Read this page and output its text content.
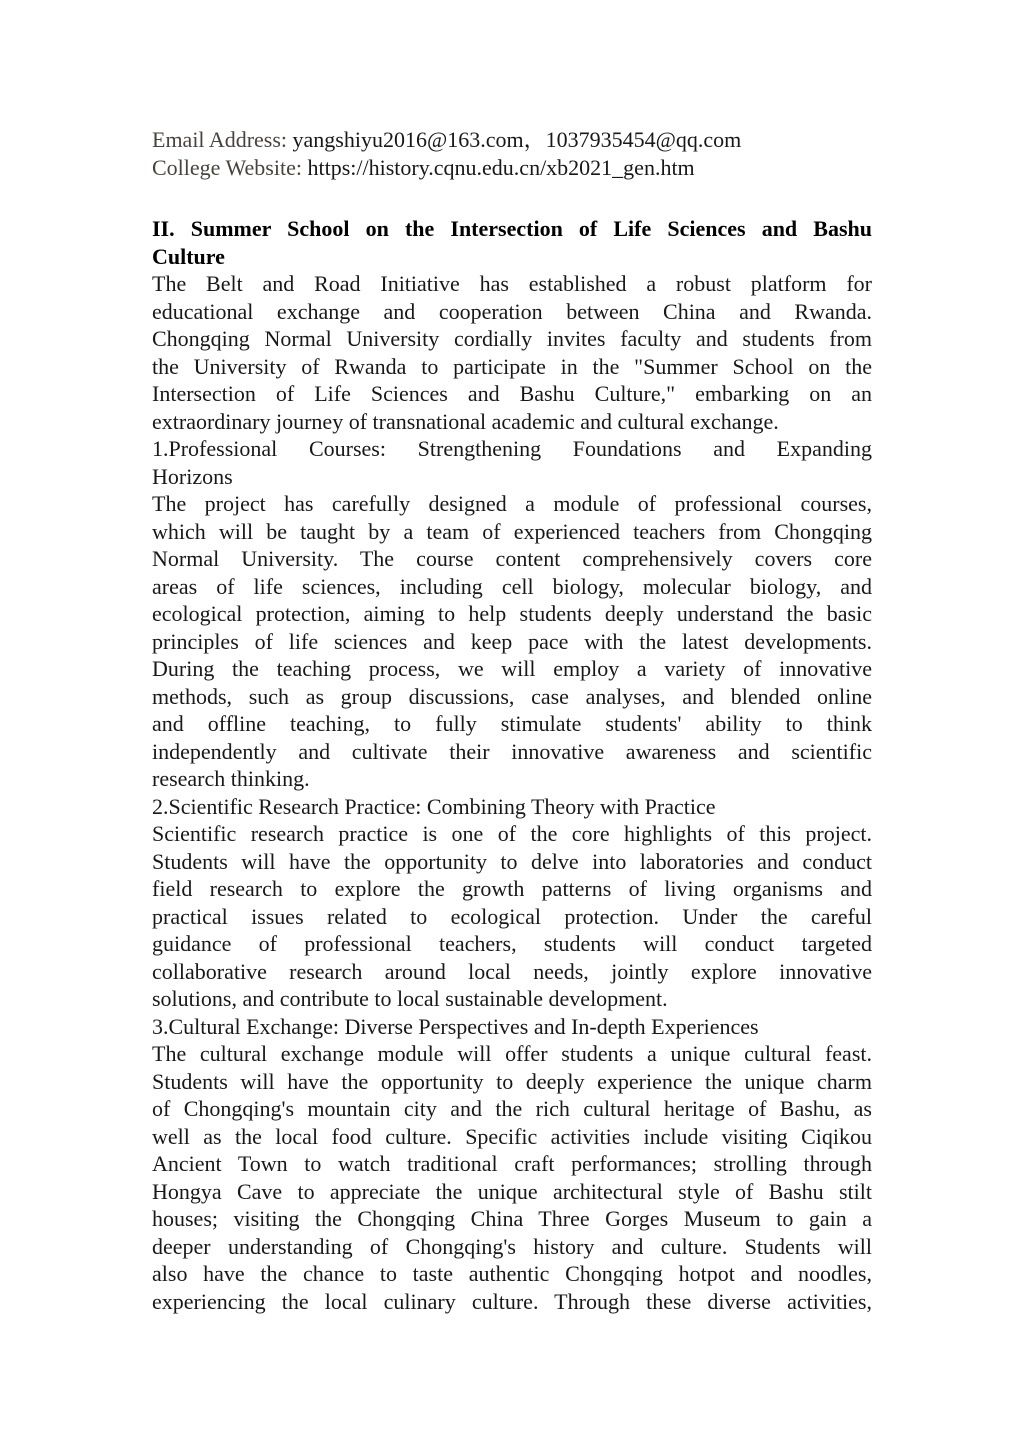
Email Address: yangshiyu2016@163.com，1037935454@qq.com
College Website: https://history.cqnu.edu.cn/xb2021_gen.htm
II. Summer School on the Intersection of Life Sciences and Bashu
Culture
The Belt and Road Initiative has established a robust platform for
educational exchange and cooperation between China and Rwanda.
Chongqing Normal University cordially invites faculty and students from
the University of Rwanda to participate in the "Summer School on the
Intersection of Life Sciences and Bashu Culture," embarking on an
extraordinary journey of transnational academic and cultural exchange.
1.Professional Courses: Strengthening Foundations and Expanding
Horizons
The project has carefully designed a module of professional courses,
which will be taught by a team of experienced teachers from Chongqing
Normal University. The course content comprehensively covers core
areas of life sciences, including cell biology, molecular biology, and
ecological protection, aiming to help students deeply understand the basic
principles of life sciences and keep pace with the latest developments.
During the teaching process, we will employ a variety of innovative
methods, such as group discussions, case analyses, and blended online
and offline teaching, to fully stimulate students' ability to think
independently and cultivate their innovative awareness and scientific
research thinking.
2.Scientific Research Practice: Combining Theory with Practice
Scientific research practice is one of the core highlights of this project.
Students will have the opportunity to delve into laboratories and conduct
field research to explore the growth patterns of living organisms and
practical issues related to ecological protection. Under the careful
guidance of professional teachers, students will conduct targeted
collaborative research around local needs, jointly explore innovative
solutions, and contribute to local sustainable development.
3.Cultural Exchange: Diverse Perspectives and In-depth Experiences
The cultural exchange module will offer students a unique cultural feast.
Students will have the opportunity to deeply experience the unique charm
of Chongqing's mountain city and the rich cultural heritage of Bashu, as
well as the local food culture. Specific activities include visiting Ciqikou
Ancient Town to watch traditional craft performances; strolling through
Hongya Cave to appreciate the unique architectural style of Bashu stilt
houses; visiting the Chongqing China Three Gorges Museum to gain a
deeper understanding of Chongqing's history and culture. Students will
also have the chance to taste authentic Chongqing hotpot and noodles,
experiencing the local culinary culture. Through these diverse activities,
